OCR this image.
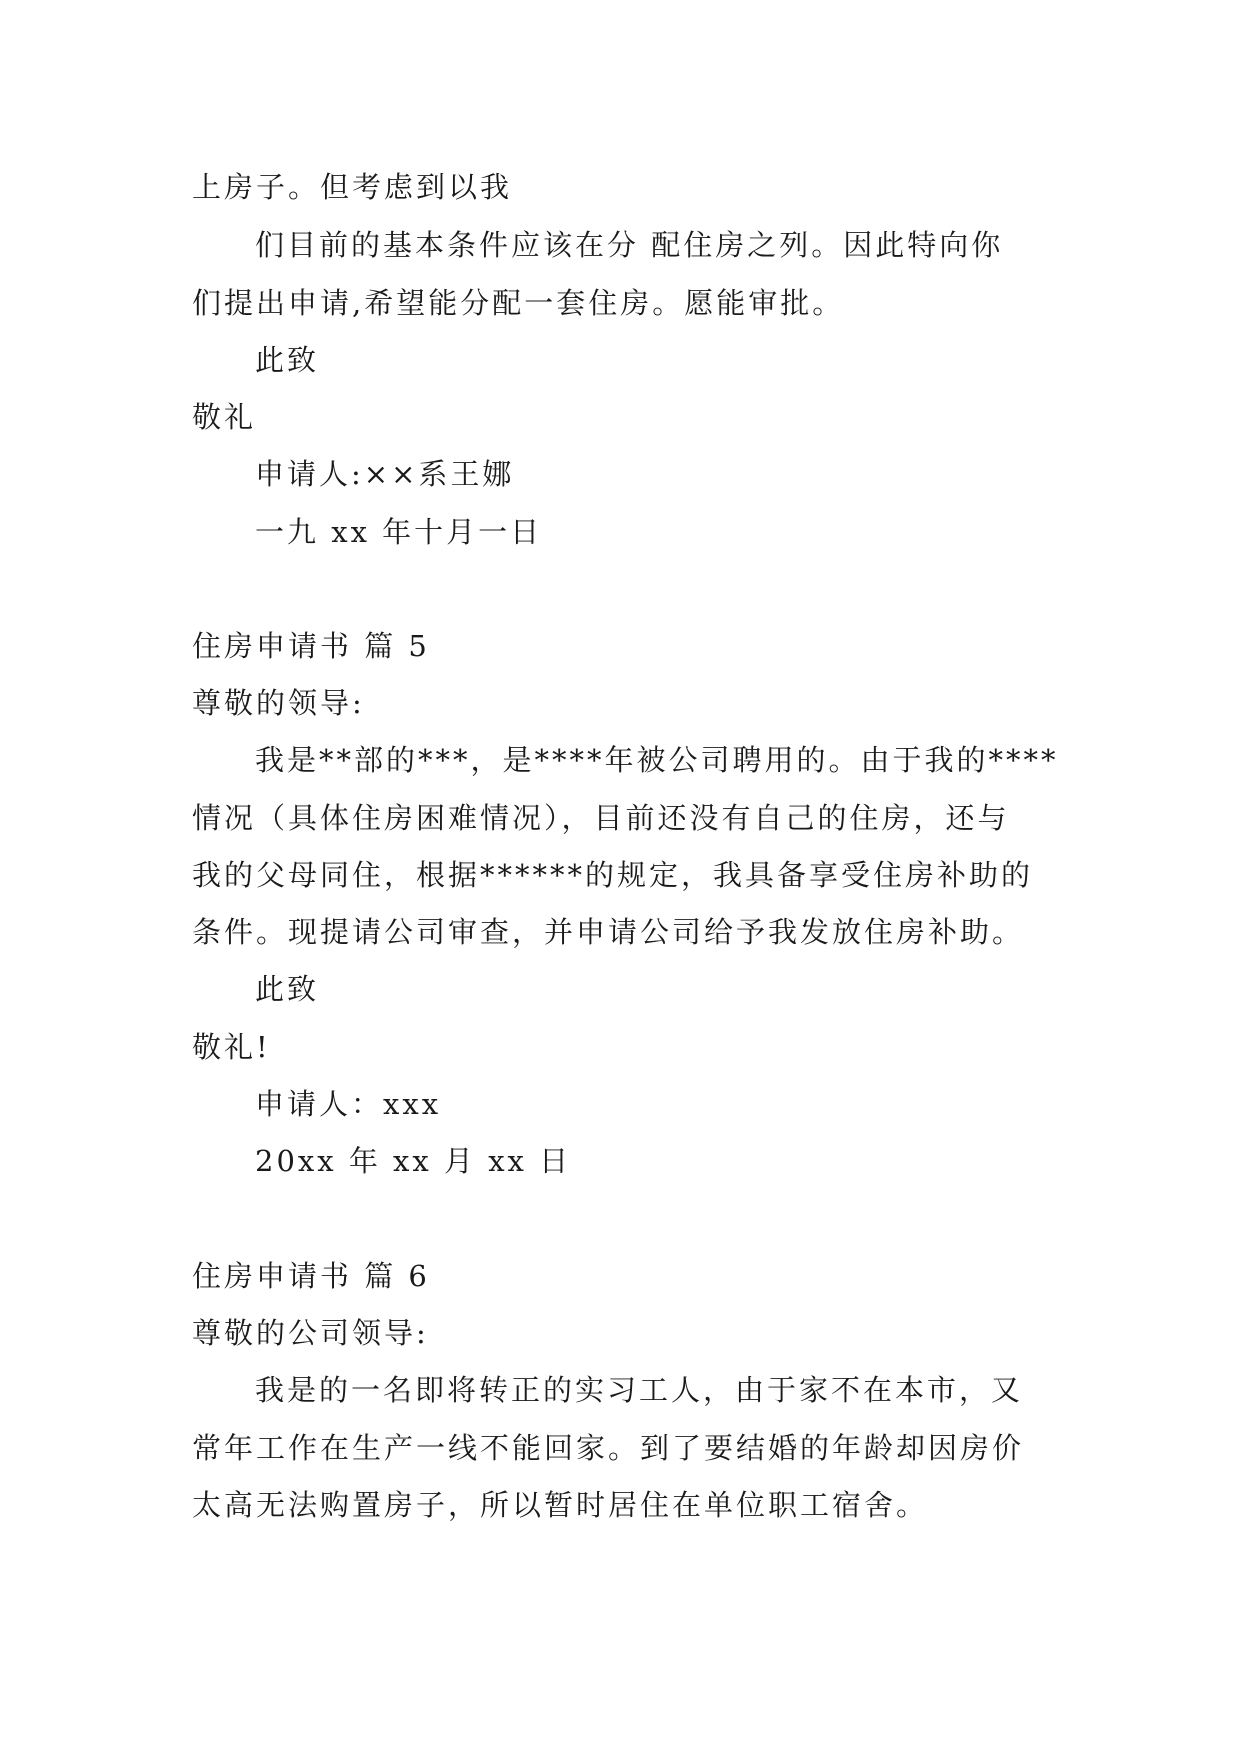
上房子。但考虑到以我
们目前的基本条件应该在分 配住房之列。因此特向你
们提出申请,希望能分配一套住房。愿能审批。
此致
敬礼
申请人:××系王娜
一九 xx 年十月一日
住房申请书 篇 5
尊敬的领导:
我是**部的***，是****年被公司聘用的。由于我的****
情况（具体住房困难情况），目前还没有自己的住房，还与
我的父母同住，根据******的规定，我具备享受住房补助的
条件。现提请公司审查，并申请公司给予我发放住房补助。
此致
敬礼!
申请人：xxx
20xx 年 xx 月 xx 日
住房申请书 篇 6
尊敬的公司领导:
我是的一名即将转正的实习工人，由于家不在本市，又
常年工作在生产一线不能回家。到了要结婚的年龄却因房价
太高无法购置房子，所以暂时居住在单位职工宿舍。
